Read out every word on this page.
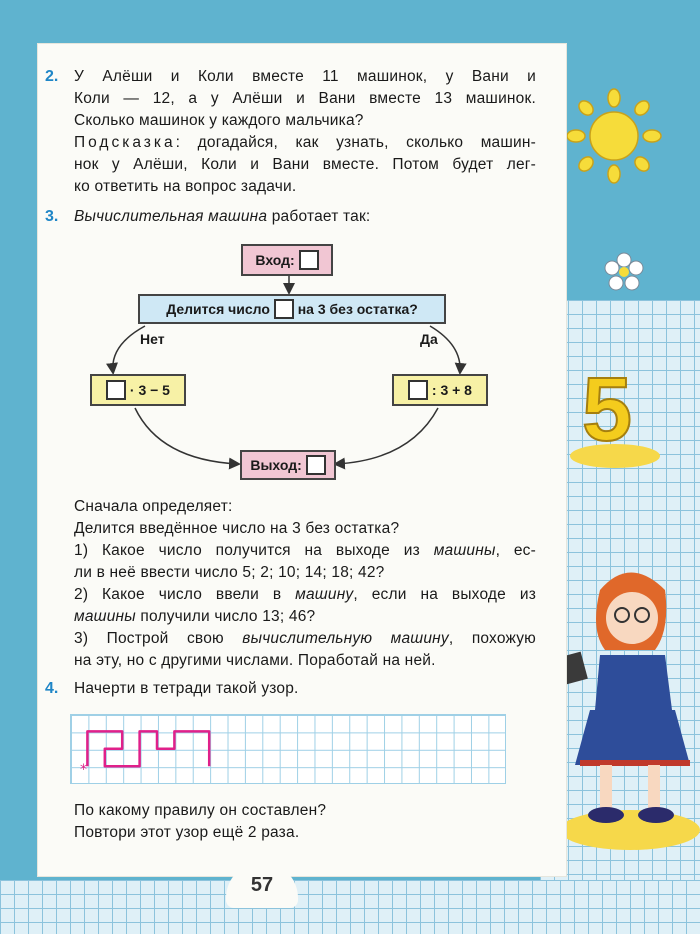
5
2. У Алёши и Коли вместе 11 машинок, у Вани и
Коли — 12, а у Алёши и Вани вместе 13 машинок.
Сколько машинок у каждого мальчика?
Подсказка: догадайся, как узнать, сколько машин-
нок у Алёши, Коли и Вани вместе. Потом будет лег-
ко ответить на вопрос задачи.
3. Вычислительная машина работает так:
Вход:

Делится число

на 3 без остатка?
Нет	Да

· 3 − 5
	: 3 + 8
Выход:

Сначала определяет:
Делится введённое число на 3 без остатка?
1) Какое число получится на выходе из машины, ес-
ли в неё ввести число 5; 2; 10; 14; 18; 42?
2) Какое число ввели в машину, если на выходе из
машины получили число 13; 46?
3) Построй свою вычислительную машину, похожую
на эту, но с другими числами. Поработай на ней.
4. Начерти в тетради такой узор.
*
По какому правилу он составлен?
Повтори этот узор ещё 2 раза.
57
